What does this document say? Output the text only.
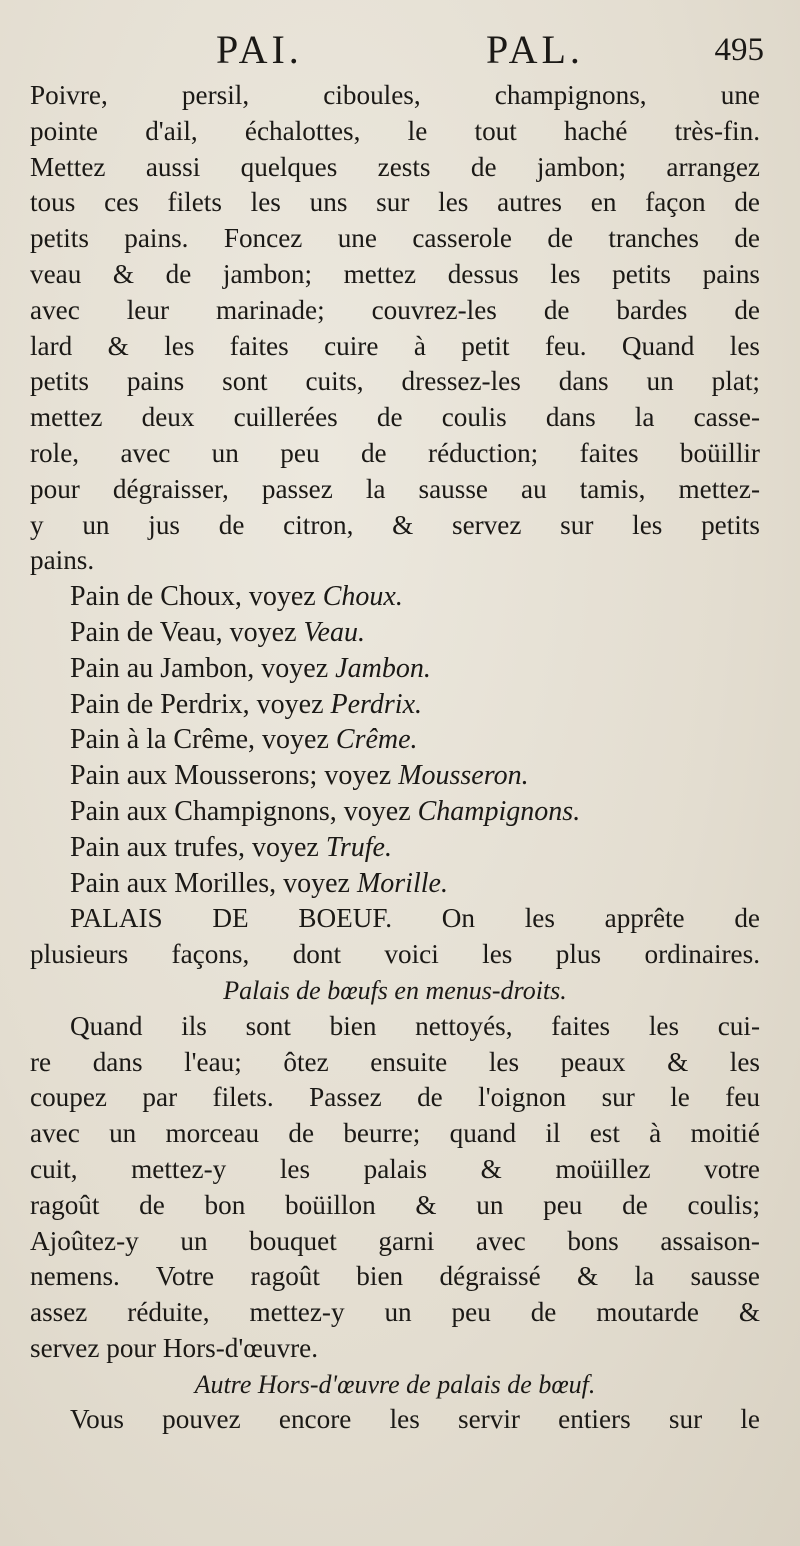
PAI.	PAL.	495
Poivre, persil, ciboules, champignons, une
pointe d'ail, échalottes, le tout haché très-fin.
Mettez aussi quelques zests de jambon; arrangez
tous ces filets les uns sur les autres en façon de
petits pains. Foncez une casserole de tranches de
veau & de jambon; mettez dessus les petits pains
avec leur marinade; couvrez-les de bardes de
lard & les faites cuire à petit feu. Quand les
petits pains sont cuits, dressez-les dans un plat;
mettez deux cuillerées de coulis dans la casse-
role, avec un peu de réduction; faites boüillir
pour dégraisser, passez la sausse au tamis, mettez-
y un jus de citron, & servez sur les petits
pains.
Pain de Choux, voyez Choux.
Pain de Veau, voyez Veau.
Pain au Jambon, voyez Jambon.
Pain de Perdrix, voyez Perdrix.
Pain à la Crême, voyez Crême.
Pain aux Mousserons; voyez Mousseron.
Pain aux Champignons, voyez Champignons.
Pain aux trufes, voyez Trufe.
Pain aux Morilles, voyez Morille.
PALAIS DE BOEUF. On les apprête de
plusieurs façons, dont voici les plus ordinaires.
Palais de bœufs en menus-droits.
Quand ils sont bien nettoyés, faites les cui-
re dans l'eau; ôtez ensuite les peaux & les
coupez par filets. Passez de l'oignon sur le feu
avec un morceau de beurre; quand il est à moitié
cuit, mettez-y les palais & moüillez votre
ragoût de bon boüillon & un peu de coulis;
Ajoûtez-y un bouquet garni avec bons assaison-
nemens. Votre ragoût bien dégraissé & la sausse
assez réduite, mettez-y un peu de moutarde &
servez pour Hors-d'œuvre.
Autre Hors-d'œuvre de palais de bœuf.
Vous pouvez encore les servir entiers sur le
